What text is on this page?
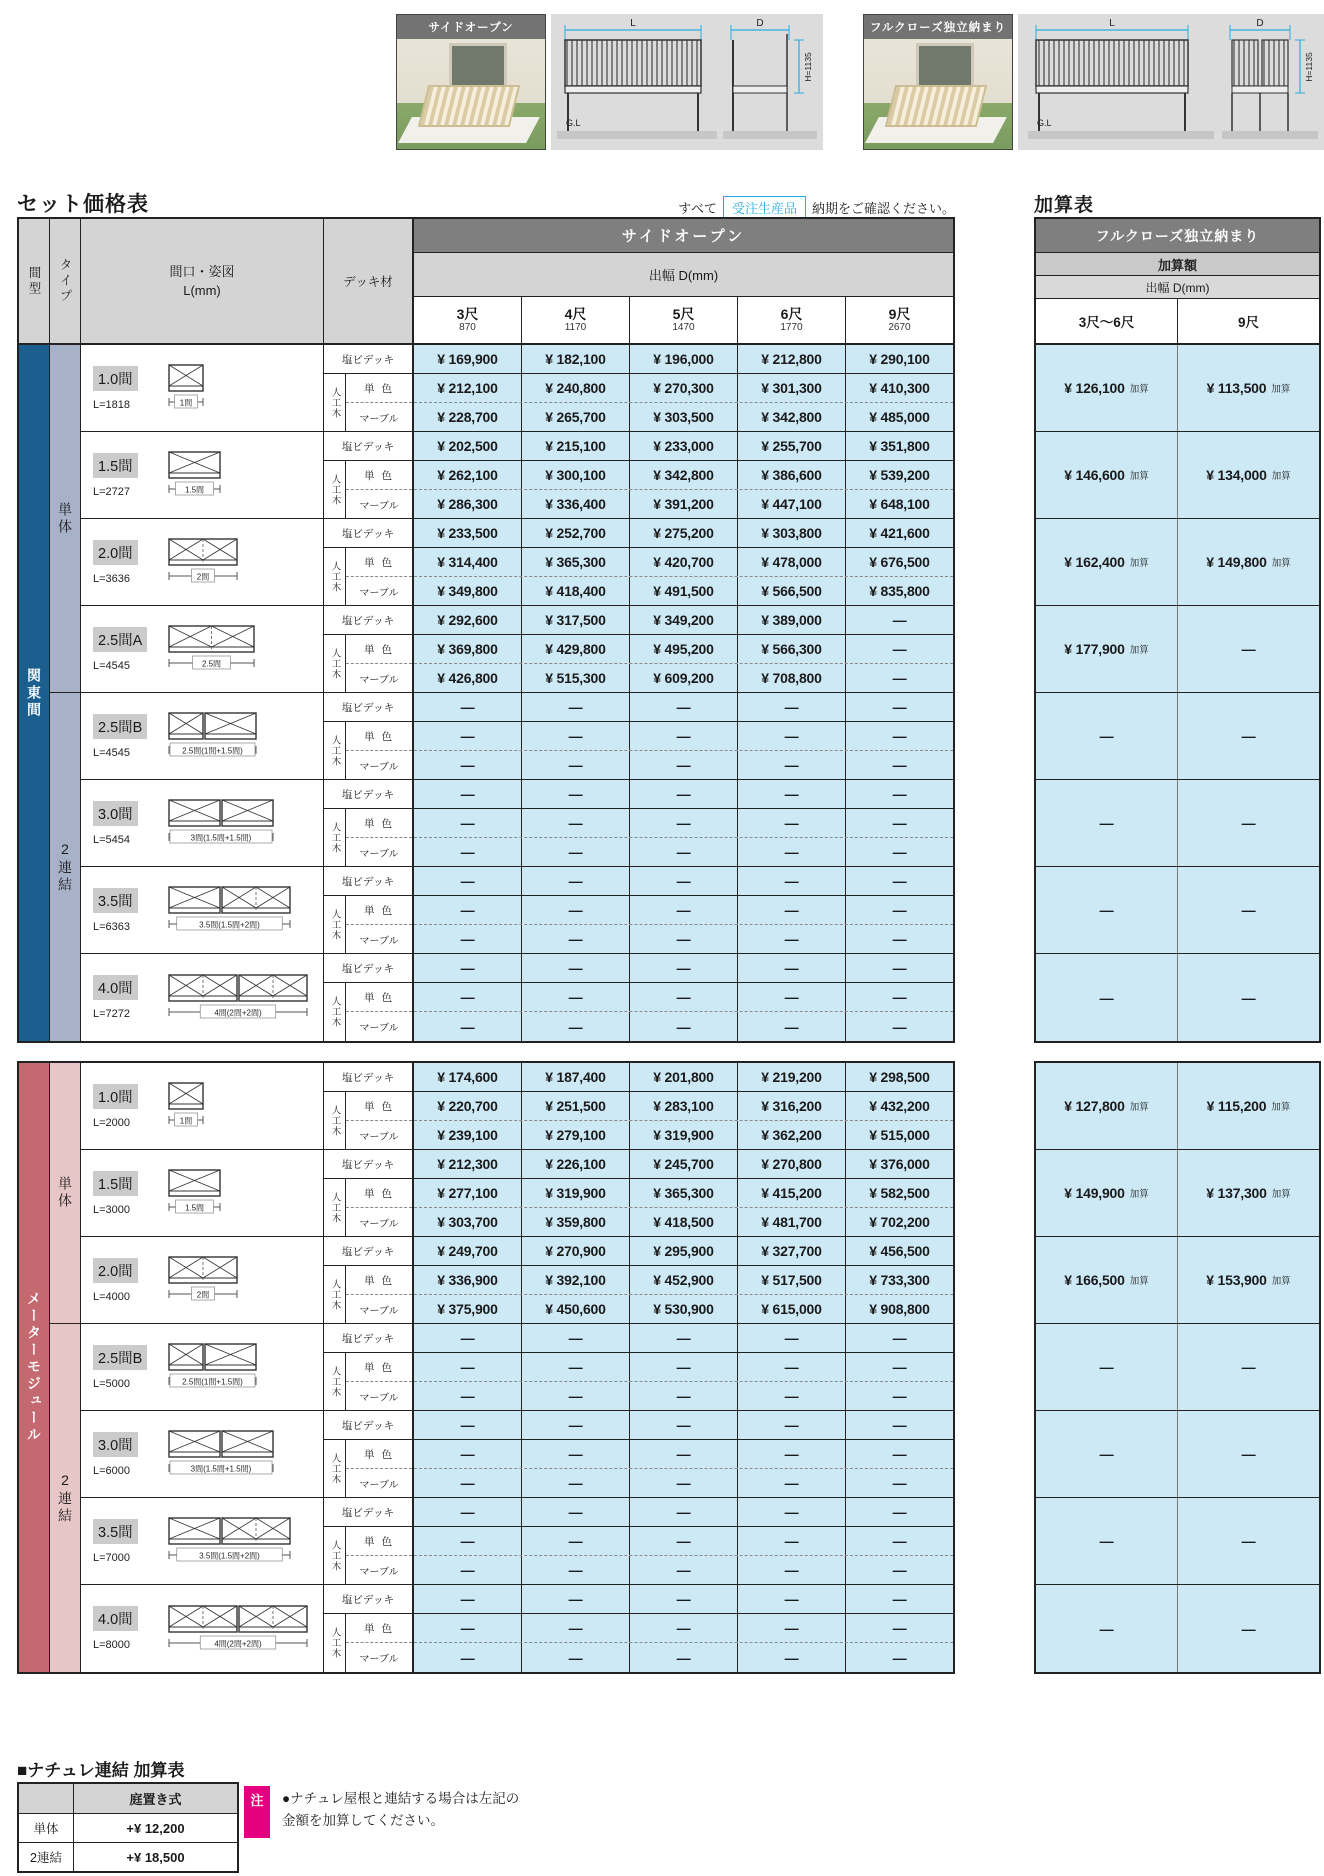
サイドオープン	L
G.L
D
H=1135
フルクローズ独立納まり	L
G.L
D
H=1135
セット価格表	すべて	受注生産品	納期をご確認ください。	加算表
間型 タイプ	間口・姿図
L(mm)
デッキ材
サイドオープン
出幅 D(mm)
3尺
870
4尺
1170
5尺
1470
6尺
1770
9尺
2670
関東間
単体
2連結
1.0間
L=1818	1間
塩ビデッキ
人工木	単 色
マーブル
¥ 169,900	¥ 182,100	¥ 196,000	¥ 212,800	¥ 290,100
¥ 212,100	¥ 240,800	¥ 270,300	¥ 301,300	¥ 410,300
¥ 228,700	¥ 265,700	¥ 303,500	¥ 342,800	¥ 485,000
1.5間
L=2727	1.5間
塩ビデッキ
人工木	単 色
マーブル
¥ 202,500	¥ 215,100	¥ 233,000	¥ 255,700	¥ 351,800
¥ 262,100	¥ 300,100	¥ 342,800	¥ 386,600	¥ 539,200
¥ 286,300	¥ 336,400	¥ 391,200	¥ 447,100	¥ 648,100
2.0間
L=3636	2間
塩ビデッキ
人工木	単 色
マーブル
¥ 233,500	¥ 252,700	¥ 275,200	¥ 303,800	¥ 421,600
¥ 314,400	¥ 365,300	¥ 420,700	¥ 478,000	¥ 676,500
¥ 349,800	¥ 418,400	¥ 491,500	¥ 566,500	¥ 835,800
2.5間A
L=4545	2.5間
塩ビデッキ
人工木	単 色
マーブル
¥ 292,600	¥ 317,500	¥ 349,200	¥ 389,000	—
¥ 369,800	¥ 429,800	¥ 495,200	¥ 566,300	—
¥ 426,800	¥ 515,300	¥ 609,200	¥ 708,800	—
2.5間B
L=4545	2.5間(1間+1.5間)
塩ビデッキ
人工木	単 色
マーブル
—	—	—	—	—
—	—	—	—	—
—	—	—	—	—
3.0間
L=5454	3間(1.5間+1.5間)
塩ビデッキ
人工木	単 色
マーブル
—	—	—	—	—
—	—	—	—	—
—	—	—	—	—
3.5間
L=6363	3.5間(1.5間+2間)
塩ビデッキ
人工木	単 色
マーブル
—	—	—	—	—
—	—	—	—	—
—	—	—	—	—
4.0間
L=7272	4間(2間+2間)
塩ビデッキ
人工木	単 色
マーブル
—	—	—	—	—
—	—	—	—	—
—	—	—	—	—
メーターモジュール
単体
2連結
1.0間
L=2000	1間
塩ビデッキ
人工木	単 色
マーブル
¥ 174,600	¥ 187,400	¥ 201,800	¥ 219,200	¥ 298,500
¥ 220,700	¥ 251,500	¥ 283,100	¥ 316,200	¥ 432,200
¥ 239,100	¥ 279,100	¥ 319,900	¥ 362,200	¥ 515,000
1.5間
L=3000	1.5間
塩ビデッキ
人工木	単 色
マーブル
¥ 212,300	¥ 226,100	¥ 245,700	¥ 270,800	¥ 376,000
¥ 277,100	¥ 319,900	¥ 365,300	¥ 415,200	¥ 582,500
¥ 303,700	¥ 359,800	¥ 418,500	¥ 481,700	¥ 702,200
2.0間
L=4000	2間
塩ビデッキ
人工木	単 色
マーブル
¥ 249,700	¥ 270,900	¥ 295,900	¥ 327,700	¥ 456,500
¥ 336,900	¥ 392,100	¥ 452,900	¥ 517,500	¥ 733,300
¥ 375,900	¥ 450,600	¥ 530,900	¥ 615,000	¥ 908,800
2.5間B
L=5000	2.5間(1間+1.5間)
塩ビデッキ
人工木	単 色
マーブル
—	—	—	—	—
—	—	—	—	—
—	—	—	—	—
3.0間
L=6000	3間(1.5間+1.5間)
塩ビデッキ
人工木	単 色
マーブル
—	—	—	—	—
—	—	—	—	—
—	—	—	—	—
3.5間
L=7000	3.5間(1.5間+2間)
塩ビデッキ
人工木	単 色
マーブル
—	—	—	—	—
—	—	—	—	—
—	—	—	—	—
4.0間
L=8000	4間(2間+2間)
塩ビデッキ
人工木	単 色
マーブル
—	—	—	—	—
—	—	—	—	—
—	—	—	—	—
フルクローズ独立納まり
加算額
出幅 D(mm)
3尺～6尺	9尺
¥ 126,100 加算	¥ 113,500 加算
¥ 146,600 加算	¥ 134,000 加算
¥ 162,400 加算	¥ 149,800 加算
¥ 177,900 加算	—
—	—
—	—
—	—
—	—
¥ 127,800 加算	¥ 115,200 加算
¥ 149,900 加算	¥ 137,300 加算
¥ 166,500 加算	¥ 153,900 加算
—	—
—	—
—	—
—	—
■ナチュレ連結 加算表
庭置き式
単体	+¥ 12,200
2連結	+¥ 18,500
注	●ナチュレ屋根と連結する場合は左記の
金額を加算してください。
